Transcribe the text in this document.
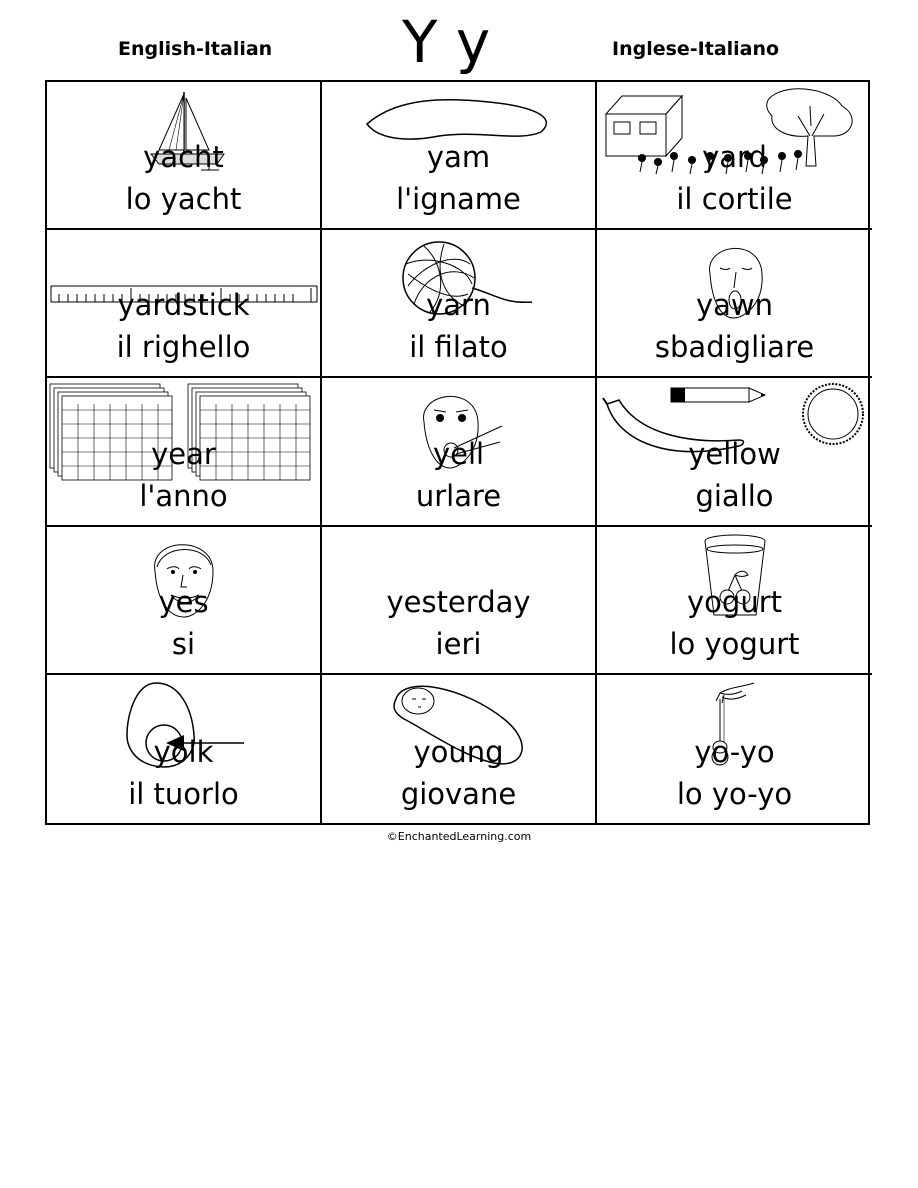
English-Italian Y y	Inglese-Italiano
yacht
lo yacht
yam
l'igname
yard
il cortile
yardstick
il righello
yarn
il filato
yawn
sbadigliare
year
l'anno
yell
urlare
yellow
giallo
yes
si
yesterday
ieri
yogurt
lo yogurt
yolk
il tuorlo
young
giovane
yo-yo
lo yo-yo
©EnchantedLearning.com
